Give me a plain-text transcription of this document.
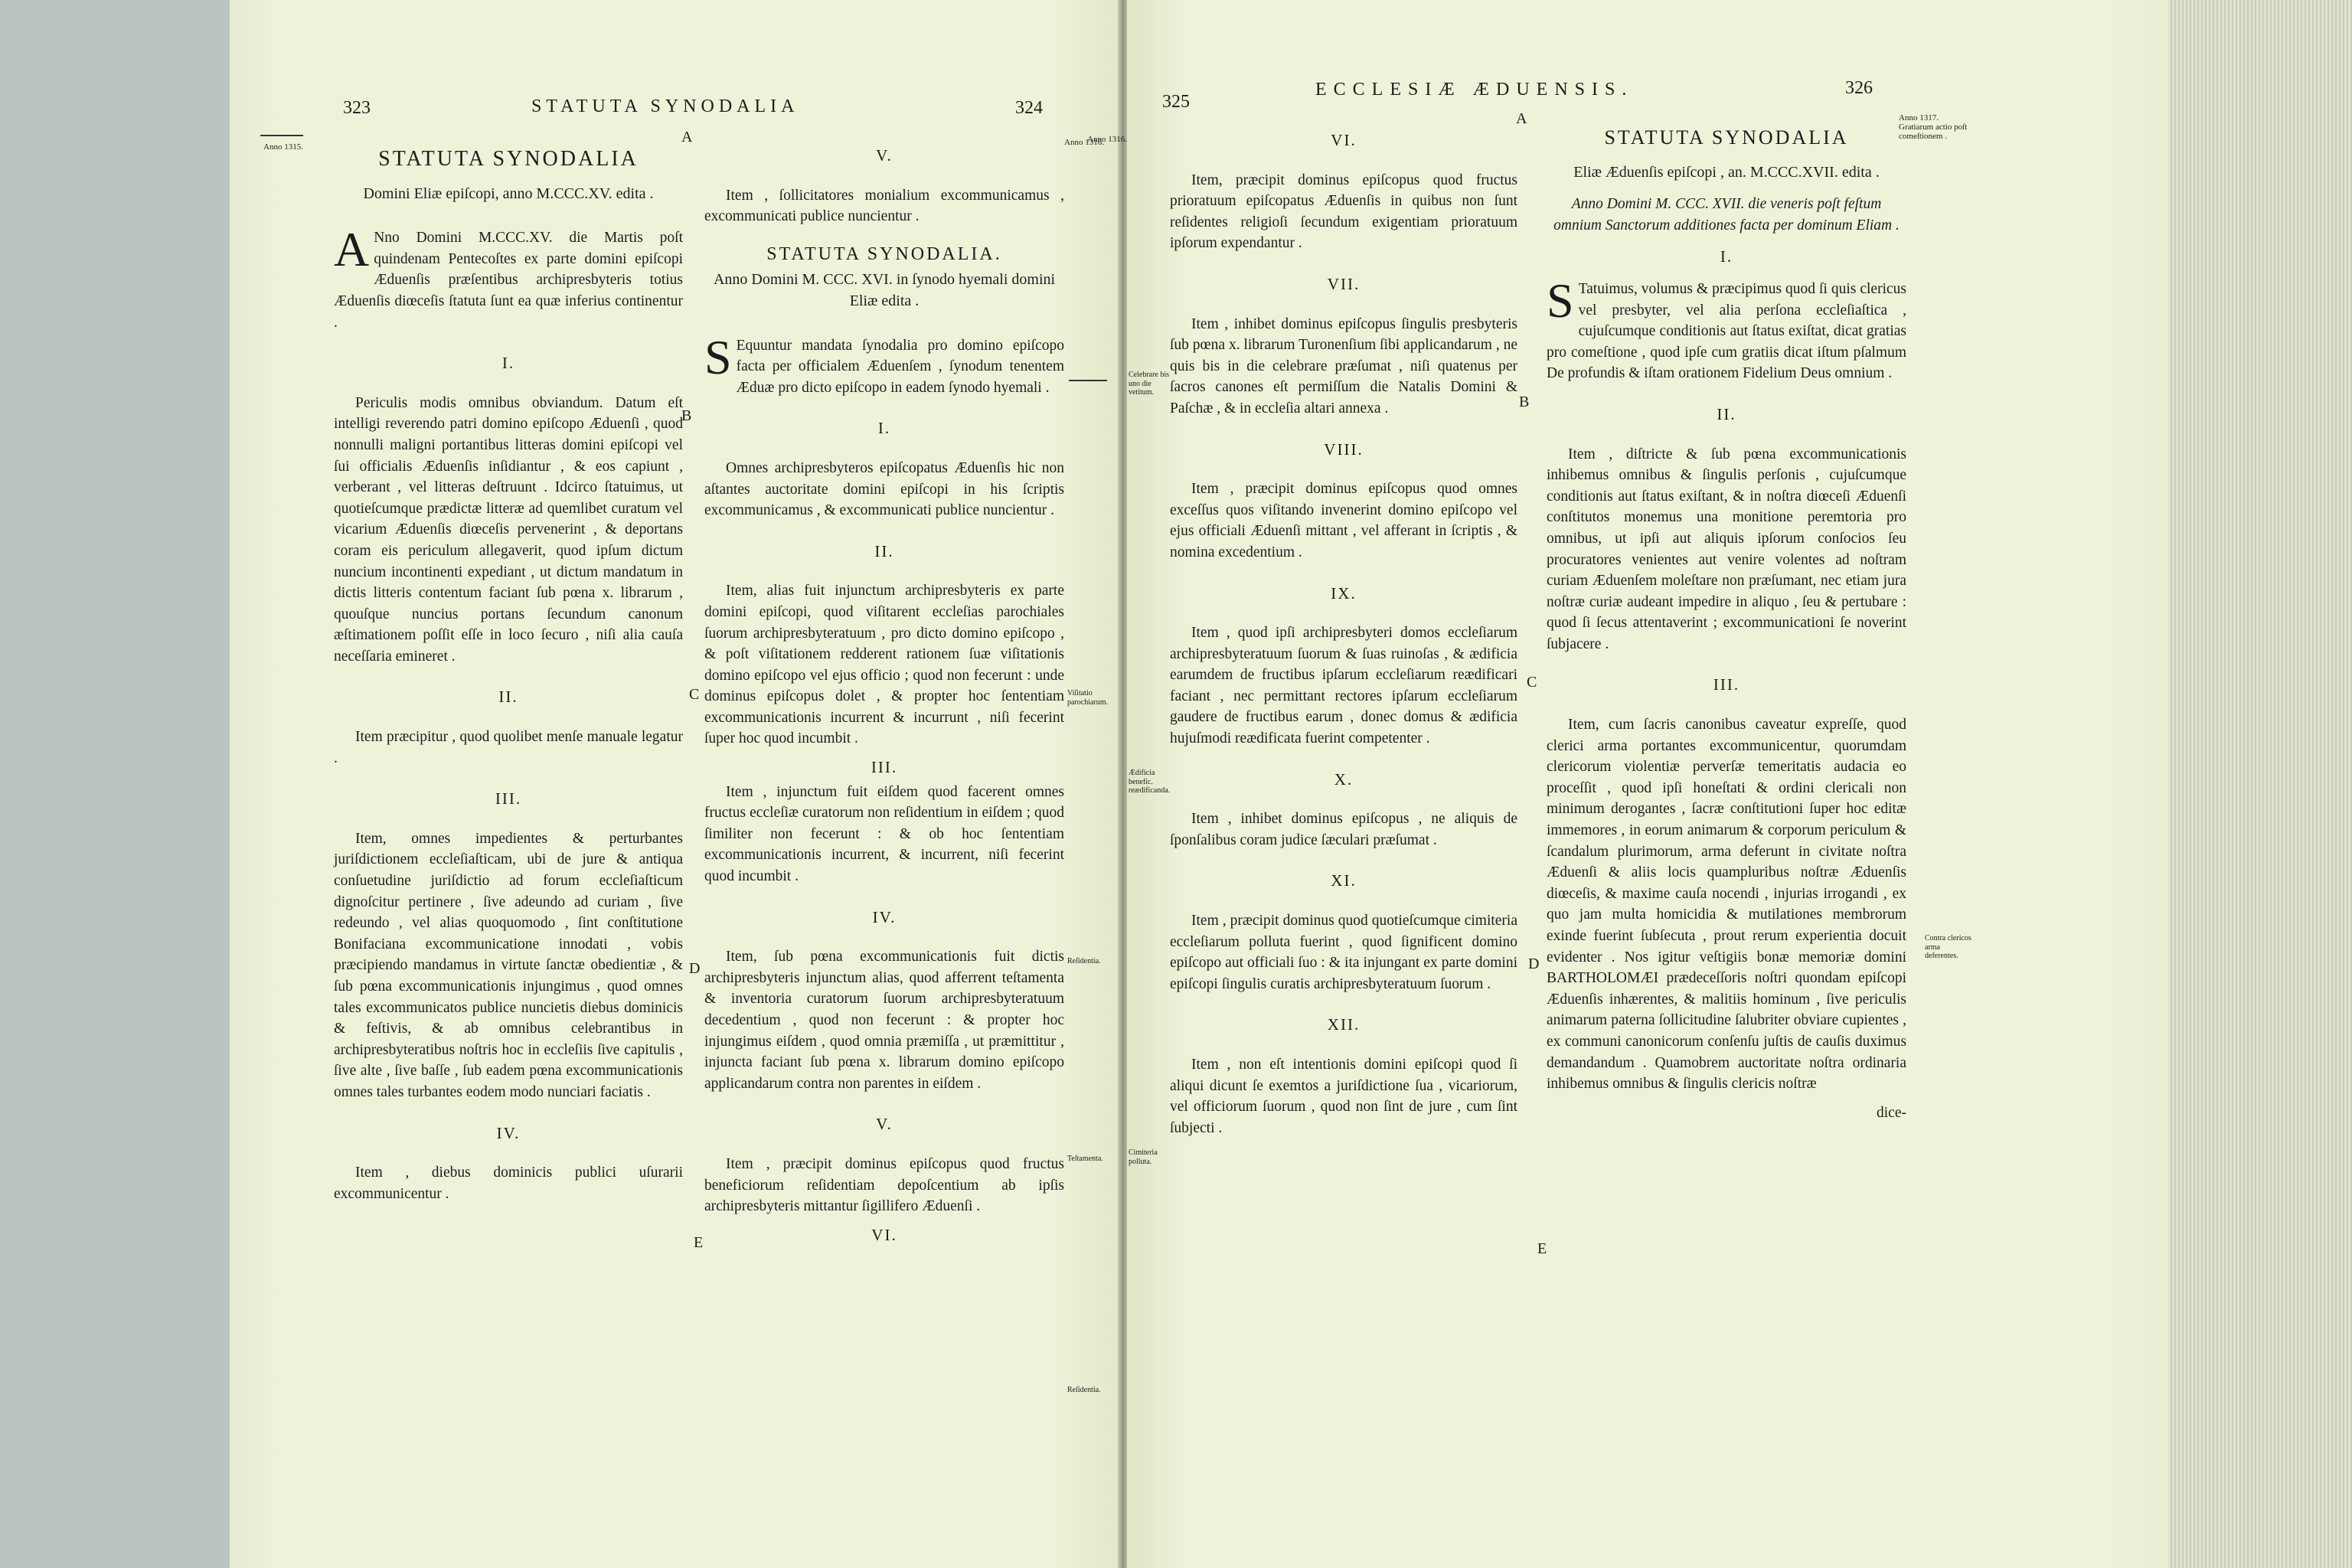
323	STATUTA SYNODALIA	324
Anno 1315.	Anno 1316.
A
B
C
D
E
STATUTA SYNODALIA
Domini Eliæ epiſcopi, anno M.CCC.XV. edita .

A Nno Domini M.CCC.XV. die Martis poſt quindenam Pentecoſtes ex parte domini epiſcopi Æduenſis præſentibus archipresbyteris totius Æduenſis diœceſis ſtatuta ſunt ea quæ inferius continentur .

I.

Periculis modis omnibus obviandum. Datum eſt intelligi reverendo patri domino epiſcopo Æduenſi , quod nonnulli maligni portantibus litteras domini epiſcopi vel ſui officialis Æduenſis inſidiantur , & eos capiunt , verberant , vel litteras deſtruunt . Idcirco ſtatuimus, ut quotieſcumque prædictæ litteræ ad quemlibet curatum vel vicarium Æduenſis diœceſis pervenerint , & deportans coram eis periculum allegaverit, quod ipſum dictum nuncium incontinenti expediant , ut dictum mandatum in dictis litteris contentum faciant ſub pœna x. librarum , quouſque nuncius portans ſecundum canonum æſtimationem poſſit eſſe in loco ſecuro , niſi alia cauſa neceſſaria emineret .

II.

Item præcipitur , quod quolibet menſe manuale legatur .

III.

Item, omnes impedientes & perturbantes juriſdictionem eccleſiaſticam, ubi de jure & antiqua conſuetudine juriſdictio ad forum eccleſiaſticum dignoſcitur pertinere , ſive adeundo ad curiam , ſive redeundo , vel alias quoquomodo , ſint conſtitutione Bonifaciana excommunicatione innodati , vobis præcipiendo mandamus in virtute ſanctæ obedientiæ , & ſub pœna excommunicationis injungimus , quod omnes tales excommunicatos publice nuncietis diebus dominicis & feſtivis, & ab omnibus celebrantibus in archipresbyteratibus noſtris hoc in eccleſiis ſive capitulis , ſive alte , ſive baſſe , ſub eadem pœna excommunicationis omnes tales turbantes eodem modo nunciari faciatis .

IV.

Item , diebus dominicis publici uſurarii excommunicentur .

V.

Item , ſollicitatores monialium excommunicamus , excommunicati publice nuncientur .

STATUTA SYNODALIA.
Anno Domini M. CCC. XVI. in ſynodo hyemali domini Eliæ edita .

S Equuntur mandata ſynodalia pro domino epiſcopo facta per officialem Æduenſem , ſynodum tenentem Æduæ pro dicto epiſcopo in eadem ſynodo hyemali .

I.

Omnes archipresbyteros epiſcopatus Æduenſis hic non aſtantes auctoritate domini epiſcopi in his ſcriptis excommunicamus , & excommunicati publice nuncientur .

II.

Item, alias fuit injunctum archipresbyteris ex parte domini epiſcopi, quod viſitarent eccleſias parochiales ſuorum archipresbyteratuum , pro dicto domino epiſcopo , & poſt viſitationem redderent rationem ſuæ viſitationis domino epiſcopo vel ejus officio ; quod non fecerunt : unde dominus epiſcopus dolet , & propter hoc ſententiam excommunicationis incurrent & incurrunt , niſi fecerint ſuper hoc quod incumbit .

III.

Item , injunctum fuit eiſdem quod facerent omnes fructus eccleſiæ curatorum non reſidentium in eiſdem ; quod ſimiliter non fecerunt : & ob hoc ſententiam excommunicationis incurrent, & incurrent, niſi fecerint quod incumbit .

IV.

Item, ſub pœna excommunicationis fuit dictis archipresbyteris injunctum alias, quod afferrent teſtamenta & inventoria curatorum ſuorum archipresbyteratuum decedentium , quod non fecerunt : & propter hoc injungimus eiſdem , quod omnia præmiſſa , ut præmittitur , injuncta faciant ſub pœna x. librarum domino epiſcopo applicandarum contra non parentes in eiſdem .

V.

Item , præcipit dominus epiſcopus quod fructus beneficiorum reſidentiam depoſcentium ab ipſis archipresbyteris mittantur ſigillifero Æduenſi .

VI.
Viſitatio parochiarum.
Reſidentia.
Teſtamenta.
Reſidentia.
325
ECCLESIÆ ÆDUENSIS.	326
Anno 1316.
Anno 1317. Gratiarum actio poſt comeſtionem .
A
B
C
D
E
VI.

Item, præcipit dominus epiſcopus quod fructus prioratuum epiſcopatus Æduenſis in quibus non ſunt reſidentes religioſi ſecundum exigentiam prioratuum ipſorum expendantur .

VII.

Item , inhibet dominus epiſcopus ſingulis presbyteris ſub pœna x. librarum Turonenſium ſibi applicandarum , ne quis bis in die celebrare præſumat , niſi quatenus per ſacros canones eſt permiſſum die Natalis Domini & Paſchæ , & in eccleſia altari annexa .

VIII.

Item , præcipit dominus epiſcopus quod omnes exceſſus quos viſitando invenerint domino epiſcopo vel ejus officiali Æduenſi mittant , vel afferant in ſcriptis , & nomina excedentium .

IX.

Item , quod ipſi archipresbyteri domos eccleſiarum archipresbyteratuum ſuorum & ſuas ruinoſas , & ædificia earumdem de fructibus ipſarum eccleſiarum reædificari faciant , nec permittant rectores ipſarum eccleſiarum gaudere de fructibus earum , donec domus & ædificia hujuſmodi reædificata fuerint competenter .

X.

Item , inhibet dominus epiſcopus , ne aliquis de ſponſalibus coram judice ſæculari præſumat .

XI.

Item , præcipit dominus quod quotieſcumque cimiteria eccleſiarum polluta fuerint , quod ſignificent domino epiſcopo aut officiali ſuo : & ita injungant ex parte domini epiſcopi ſingulis curatis archipresbyteratuum ſuorum .

XII.

Item , non eſt intentionis domini epiſcopi quod ſi aliqui dicunt ſe exemtos a juriſdictione ſua , vicariorum, vel officiorum ſuorum , quod non ſint de jure , cum ſint ſubjecti .

STATUTA SYNODALIA
Eliæ Æduenſis epiſcopi , an. M.CCC.XVII. edita .
Anno Domini M. CCC. XVII. die veneris poſt feſtum omnium Sanctorum additiones facta per dominum Eliam .
I.

S Tatuimus, volumus & præcipimus quod ſi quis clericus vel presbyter, vel alia perſona eccleſiaſtica , cujuſcumque conditionis aut ſtatus exiſtat, dicat gratias pro comeſtione , quod ipſe cum gratiis dicat iſtum pſalmum De profundis & iſtam orationem Fidelium Deus omnium .

II.

Item , diſtricte & ſub pœna excommunicationis inhibemus omnibus & ſingulis perſonis , cujuſcumque conditionis aut ſtatus exiſtant, & in noſtra diœceſi Æduenſi conſtitutos monemus una monitione peremtoria pro omnibus, ut ipſi aut aliquis ipſorum conſocios ſeu procuratores venientes aut venire volentes ad noſtram curiam Æduenſem moleſtare non præſumant, nec etiam jura noſtræ curiæ audeant impedire in aliquo , ſeu & pertubare : quod ſi ſecus attentaverint ; excommunicationi ſe noverint ſubjacere .

III.

Item, cum ſacris canonibus caveatur expreſſe, quod clerici arma portantes excommunicentur, quorumdam clericorum violentiæ perverſæ temeritatis audacia eo proceſſit , quod ipſi honeſtati & ordini clericali non minimum derogantes , ſacræ conſtitutioni ſuper hoc editæ immemores , in eorum animarum & corporum periculum & ſcandalum plurimorum, arma deferunt in civitate noſtra Æduenſi & aliis locis quampluribus noſtræ Æduenſis diœceſis, & maxime cauſa nocendi , injurias irrogandi , ex quo jam multa homicidia & mutilationes membrorum exinde fuerint ſubſecuta , prout rerum experientia docuit evidenter . Nos igitur veſtigiis bonæ memoriæ domini BARTHOLOMÆI prædeceſſoris noſtri quondam epiſcopi Æduenſis inhærentes, & malitiis hominum , ſive periculis animarum paterna ſollicitudine ſalubriter obviare cupientes , ex communi canonicorum conſenſu juſtis de cauſis duximus demandandum . Quamobrem auctoritate noſtra ordinaria inhibemus omnibus & ſingulis clericis noſtræ

dice-
Celebrare bis uno die vetitum.
Ædificia benefic. reædificanda.
Cimiteria polluta.
Contra clericos arma deferentes.
